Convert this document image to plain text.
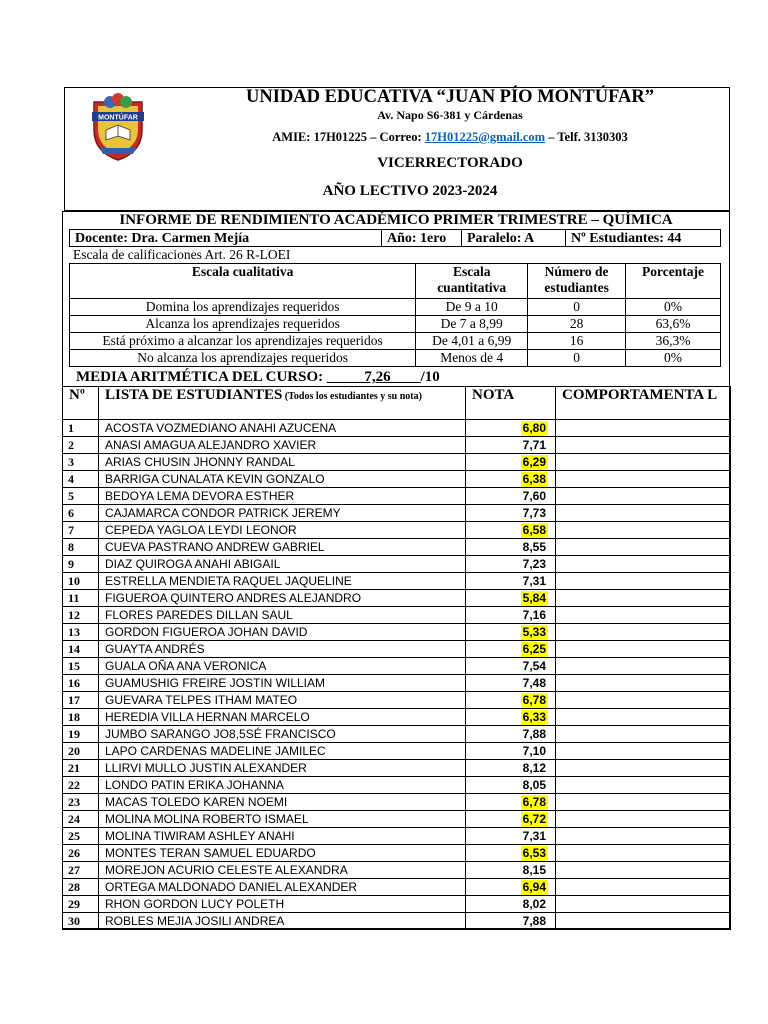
MONTÚFAR
UNIDAD EDUCATIVA “JUAN PÍO MONTÚFAR”
Av. Napo S6-381 y Cárdenas
AMIE: 17H01225 – Correo: 17H01225@gmail.com – Telf. 3130303
VICERRECTORADO
AÑO LECTIVO 2023-2024
INFORME DE RENDIMIENTO ACADÉMICO PRIMER TRIMESTRE – QUÍMICA
Docente: Dra. Carmen Mejía	Año: 1ero	Paralelo: A	Nº Estudiantes: 44
Escala de calificaciones Art. 26 R-LOEI
Escala cualitativa	Escala cuantitativa	Número de estudiantes	Porcentaje
Domina los aprendizajes requeridos	De 9 a 10	0	0%
Alcanza los aprendizajes requeridos	De 7 a 8,99	28	63,6%
Está próximo a alcanzar los aprendizajes requeridos	De 4,01 a 6,99	16	36,3%
No alcanza los aprendizajes requeridos	Menos de 4	0	0%
MEDIA ARITMÉTICA DEL CURSO: _____7,26____/10
Nº	LISTA DE ESTUDIANTES (Todos los estudiantes y su nota)	NOTA	COMPORTAMENTA L
1	ACOSTA VOZMEDIANO ANAHI AZUCENA	6,80	
2	ANASI AMAGUA ALEJANDRO XAVIER	7,71	
3	ARIAS CHUSIN JHONNY RANDAL	6,29	
4	BARRIGA CUNALATA KEVIN GONZALO	6,38	
5	BEDOYA LEMA DEVORA ESTHER	7,60	
6	CAJAMARCA CONDOR PATRICK JEREMY	7,73	
7	CEPEDA YAGLOA LEYDI LEONOR	6,58	
8	CUEVA PASTRANO ANDREW GABRIEL	8,55	
9	DIAZ QUIROGA ANAHI ABIGAIL	7,23	
10	ESTRELLA MENDIETA RAQUEL JAQUELINE	7,31	
11	FIGUEROA QUINTERO ANDRES ALEJANDRO	5,84	
12	FLORES PAREDES DILLAN SAUL	7,16	
13	GORDON FIGUEROA JOHAN DAVID	5,33	
14	GUAYTA ANDRÉS	6,25	
15	GUALA OÑA ANA VERONICA	7,54	
16	GUAMUSHIG FREIRE JOSTIN WILLIAM	7,48	
17	GUEVARA TELPES ITHAM MATEO	6,78	
18	HEREDIA VILLA HERNAN MARCELO	6,33	
19	JUMBO SARANGO JO8,5SÉ FRANCISCO	7,88	
20	LAPO CARDENAS MADELINE JAMILEC	7,10	
21	LLIRVI MULLO JUSTIN ALEXANDER	8,12	
22	LONDO PATIN ERIKA JOHANNA	8,05	
23	MACAS TOLEDO KAREN NOEMI	6,78	
24	MOLINA MOLINA ROBERTO ISMAEL	6,72	
25	MOLINA TIWIRAM ASHLEY ANAHI	7,31	
26	MONTES TERAN SAMUEL EDUARDO	6,53	
27	MOREJON ACURIO CELESTE ALEXANDRA	8,15	
28	ORTEGA MALDONADO DANIEL ALEXANDER	6,94	
29	RHON GORDON LUCY POLETH	8,02	
30	ROBLES MEJIA JOSILI ANDREA	7,88	
